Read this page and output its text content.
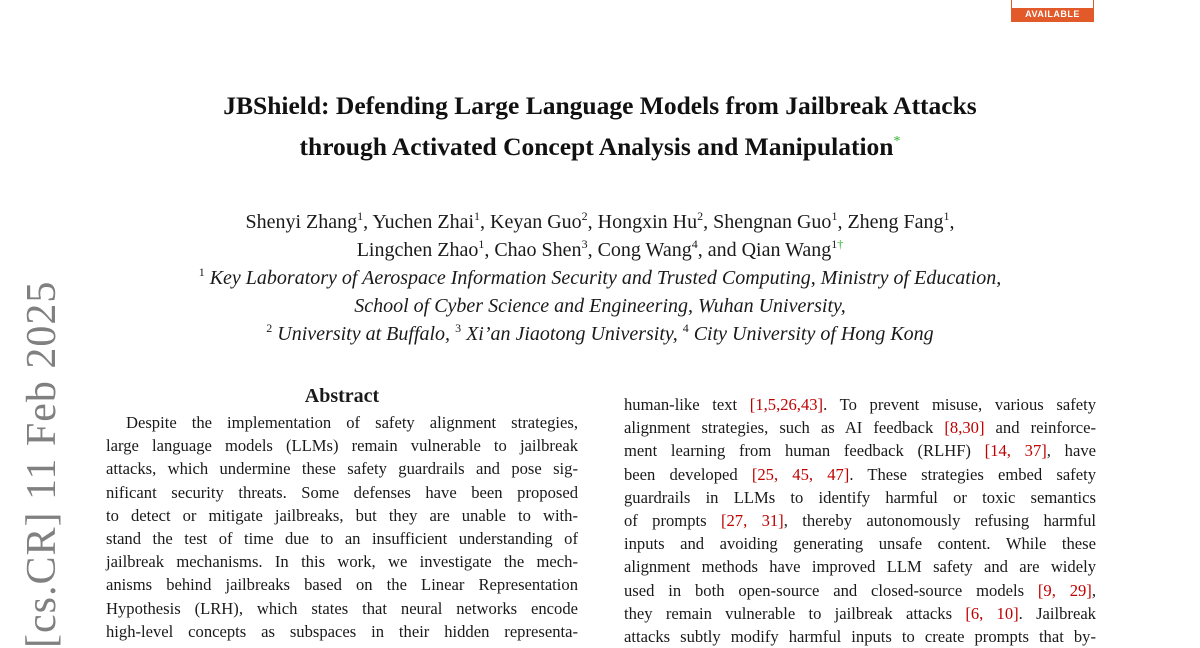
AVAILABLE
[cs.CR] 11 Feb 2025
JBShield: Defending Large Language Models from Jailbreak Attacks
through Activated Concept Analysis and Manipulation*
Shenyi Zhang$^1$, Yuchen Zhai$^1$, Keyan Guo$^2$, Hongxin Hu$^2$, Shengnan Guo$^1$, Zheng Fang$^1$,
Lingchen Zhao$^1$, Chao Shen$^3$, Cong Wang$^4$, and Qian Wang$^{1\dagger}$
$^1$ Key Laboratory of Aerospace Information Security and Trusted Computing, Ministry of Education,
School of Cyber Science and Engineering, Wuhan University,
$^2$ University at Buffalo, $^3$ Xi’an Jiaotong University, $^4$ City University of Hong Kong
Abstract
Despite the implementation of safety alignment strategies,
large language models (LLMs) remain vulnerable to jailbreak
attacks, which undermine these safety guardrails and pose sig-
nificant security threats. Some defenses have been proposed
to detect or mitigate jailbreaks, but they are unable to with-
stand the test of time due to an insufficient understanding of
jailbreak mechanisms. In this work, we investigate the mech-
anisms behind jailbreaks based on the Linear Representation
Hypothesis (LRH), which states that neural networks encode
high-level concepts as subspaces in their hidden representa-
human-like text [1,5,26,43]. To prevent misuse, various safety
alignment strategies, such as AI feedback [8,30] and reinforce-
ment learning from human feedback (RLHF) [14, 37], have
been developed [25, 45, 47]. These strategies embed safety
guardrails in LLMs to identify harmful or toxic semantics
of prompts [27, 31], thereby autonomously refusing harmful
inputs and avoiding generating unsafe content. While these
alignment methods have improved LLM safety and are widely
used in both open-source and closed-source models [9, 29],
they remain vulnerable to jailbreak attacks [6, 10]. Jailbreak
attacks subtly modify harmful inputs to create prompts that by-
